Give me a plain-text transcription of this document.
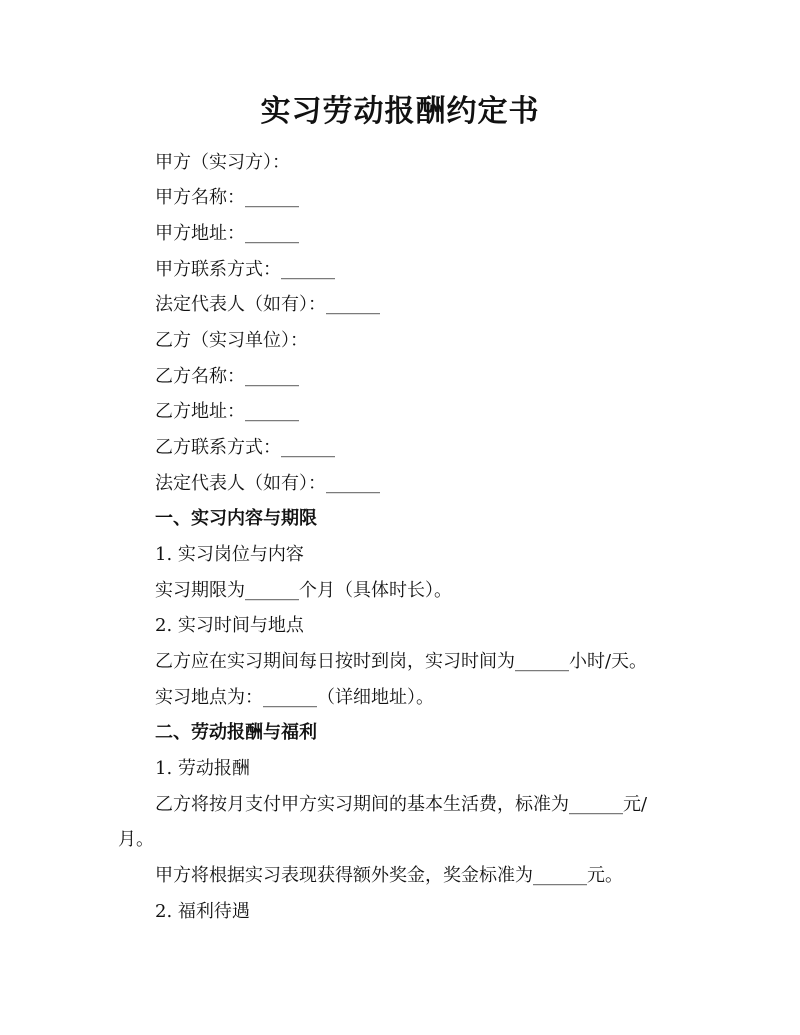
实习劳动报酬约定书
甲方（实习方）：
甲方名称：______
甲方地址：______
甲方联系方式：______
法定代表人（如有）：______
乙方（实习单位）：
乙方名称：______
乙方地址：______
乙方联系方式：______
法定代表人（如有）：______
一、实习内容与期限
1. 实习岗位与内容
实习期限为______个月（具体时长）。
2. 实习时间与地点
乙方应在实习期间每日按时到岗，实习时间为______小时/天。
实习地点为：______（详细地址）。
二、劳动报酬与福利
1. 劳动报酬
乙方将按月支付甲方实习期间的基本生活费，标准为______元/
月。
甲方将根据实习表现获得额外奖金，奖金标准为______元。
2. 福利待遇
